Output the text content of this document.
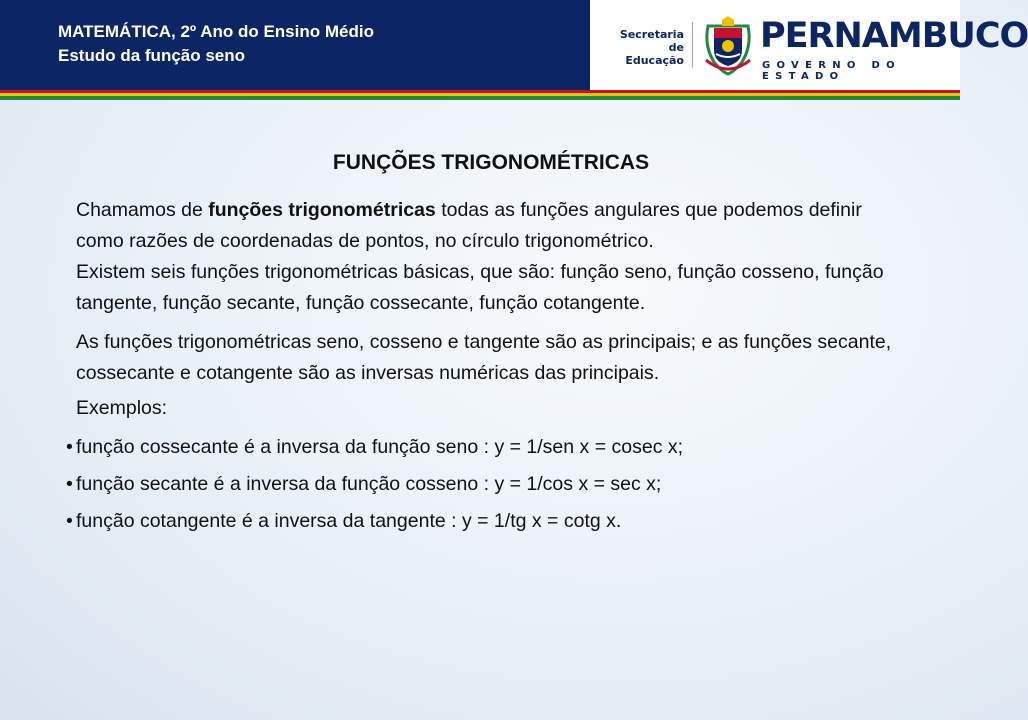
MATEMÁTICA, 2º Ano do Ensino Médio
Estudo da função seno
Secretaria de
Educação
PERNAMBUCO
GOVERNO DO ESTADO
FUNÇÕES TRIGONOMÉTRICAS

Chamamos de funções trigonométricas todas as funções angulares que podemos definir como razões de coordenadas de pontos, no círculo trigonométrico.

Existem seis funções trigonométricas básicas, que são: função seno, função cosseno, função tangente, função secante, função cossecante, função cotangente.

As funções trigonométricas seno, cosseno e tangente são as principais; e as funções secante, cossecante e cotangente são as inversas numéricas das principais.

Exemplos:

• função cossecante é a inversa da função seno : y = 1/sen x = cosec x;
• função secante é a inversa da função cosseno : y = 1/cos x = sec x;
• função cotangente é a inversa da tangente : y = 1/tg x = cotg x.
